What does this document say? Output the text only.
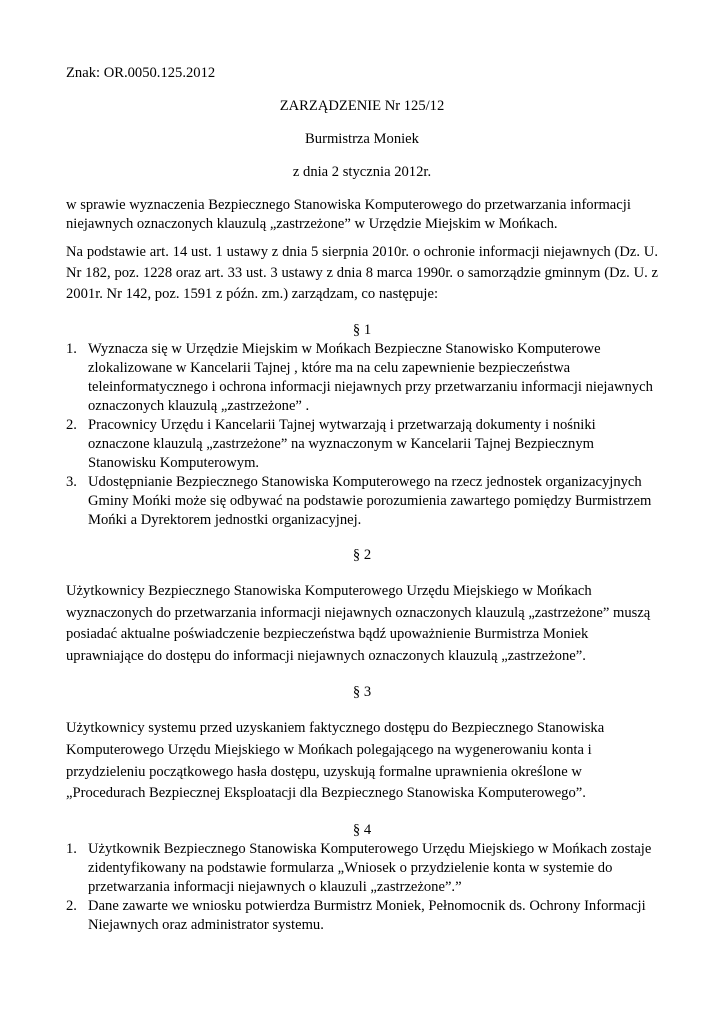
Znak: OR.0050.125.2012
ZARZĄDZENIE Nr 125/12
Burmistrza Moniek
z dnia 2 stycznia 2012r.
w sprawie wyznaczenia Bezpiecznego Stanowiska Komputerowego do przetwarzania informacji
niejawnych oznaczonych klauzulą „zastrzeżone” w Urzędzie Miejskim w Mońkach.
Na podstawie art. 14 ust. 1 ustawy z dnia 5 sierpnia 2010r. o ochronie informacji niejawnych (Dz. U. Nr 182, poz. 1228 oraz art. 33 ust. 3 ustawy z dnia 8 marca 1990r. o samorządzie gminnym (Dz. U. z 2001r. Nr 142, poz. 1591 z późn. zm.) zarządzam, co następuje:
§ 1
1. Wyznacza się w Urzędzie Miejskim w Mońkach Bezpieczne Stanowisko Komputerowe
zlokalizowane w Kancelarii Tajnej , które ma na celu zapewnienie bezpieczeństwa
teleinformatycznego i ochrona informacji niejawnych przy przetwarzaniu informacji niejawnych
oznaczonych klauzulą „zastrzeżone” .
2. Pracownicy Urzędu i Kancelarii Tajnej wytwarzają i przetwarzają dokumenty i nośniki
oznaczone klauzulą „zastrzeżone” na wyznaczonym w Kancelarii Tajnej Bezpiecznym
Stanowisku Komputerowym.
3. Udostępnianie Bezpiecznego Stanowiska Komputerowego na rzecz jednostek organizacyjnych
Gminy Mońki może się odbywać na podstawie porozumienia zawartego pomiędzy Burmistrzem
Mońki a Dyrektorem jednostki organizacyjnej.
§ 2
Użytkownicy Bezpiecznego Stanowiska Komputerowego Urzędu Miejskiego w Mońkach
wyznaczonych do przetwarzania informacji niejawnych oznaczonych klauzulą „zastrzeżone” muszą
posiadać aktualne poświadczenie bezpieczeństwa bądź upoważnienie Burmistrza Moniek
uprawniające do dostępu do informacji niejawnych oznaczonych klauzulą „zastrzeżone”.
§ 3
Użytkownicy systemu przed uzyskaniem faktycznego dostępu do Bezpiecznego Stanowiska
Komputerowego Urzędu Miejskiego w Mońkach polegającego na wygenerowaniu konta i
przydzieleniu początkowego hasła dostępu, uzyskują formalne uprawnienia określone w
„Procedurach Bezpiecznej Eksploatacji dla Bezpiecznego Stanowiska Komputerowego”.
§ 4
1. Użytkownik Bezpiecznego Stanowiska Komputerowego Urzędu Miejskiego w Mońkach zostaje
zidentyfikowany na podstawie formularza „Wniosek o przydzielenie konta w systemie do
przetwarzania informacji niejawnych o klauzuli „zastrzeżone”.”
2. Dane zawarte we wniosku potwierdza Burmistrz Moniek, Pełnomocnik ds. Ochrony Informacji
Niejawnych oraz administrator systemu.
